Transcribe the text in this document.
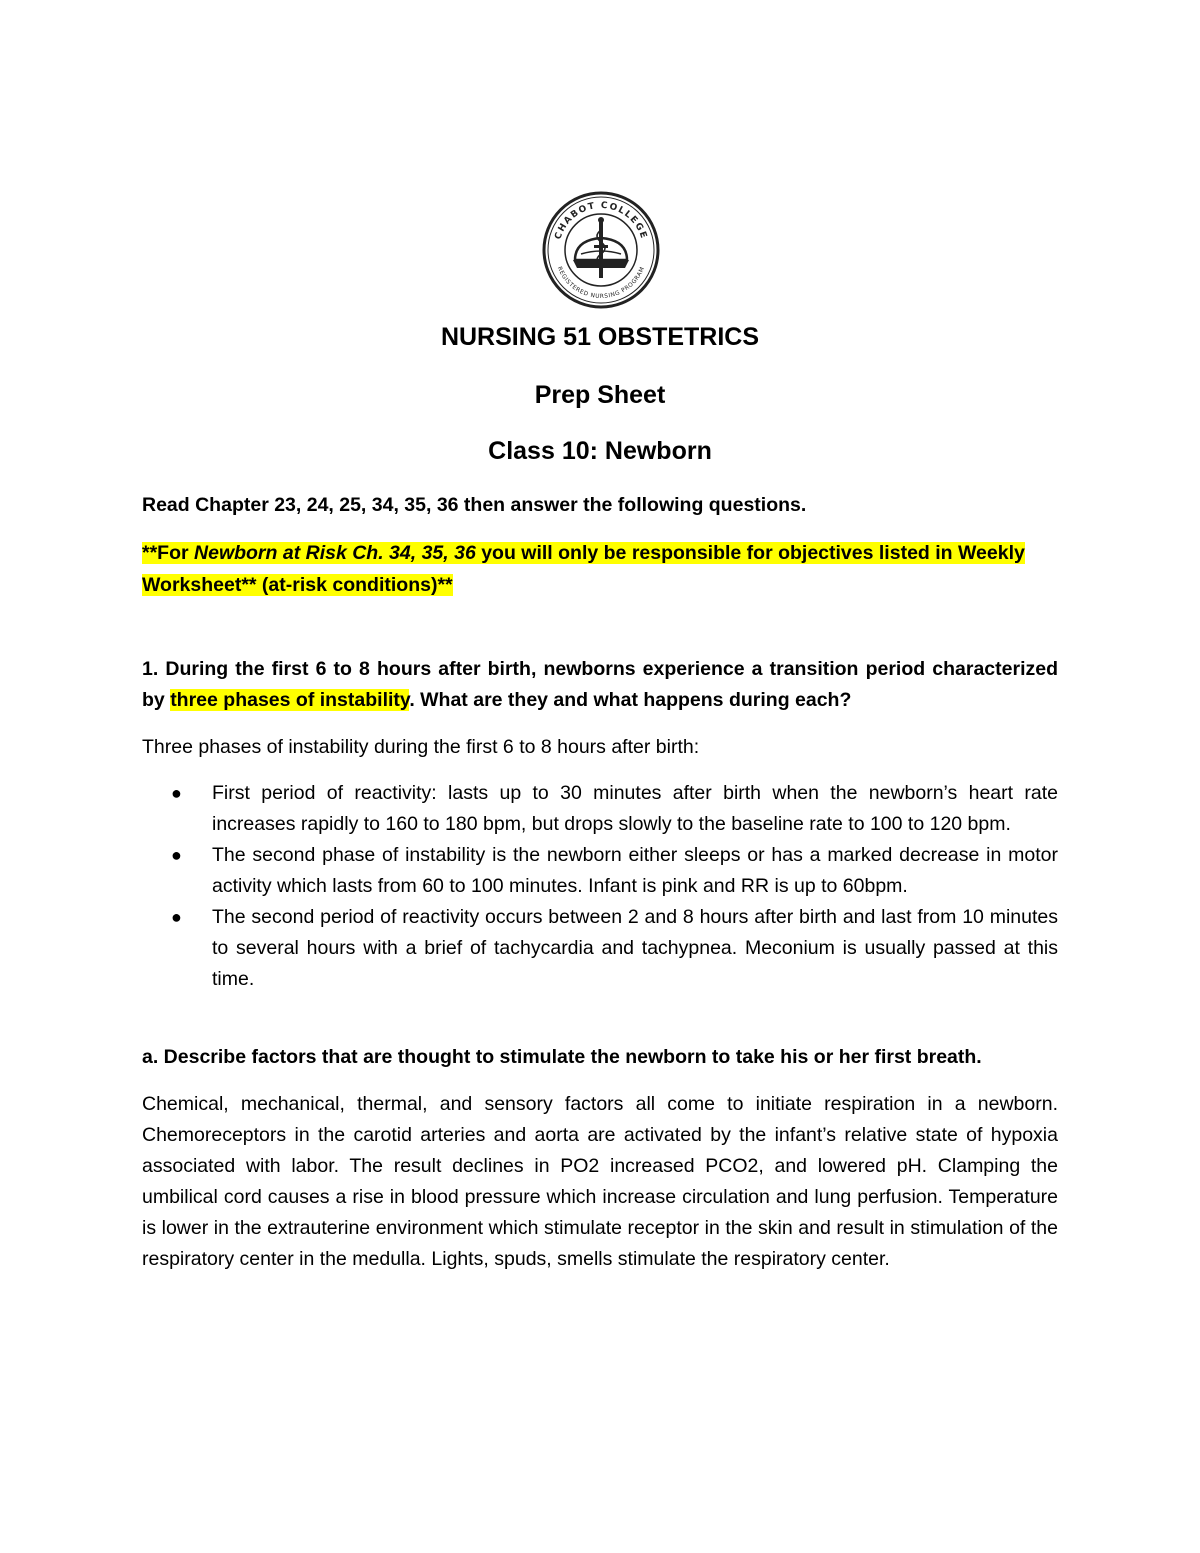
CHABOT COLLEGE
REGISTERED NURSING PROGRAM
NURSING 51 OBSTETRICS
Prep Sheet
Class 10: Newborn
Read Chapter 23, 24, 25, 34, 35, 36 then answer the following questions.
**For Newborn at Risk Ch. 34, 35, 36 you will only be responsible for objectives listed in Weekly Worksheet** (at-risk conditions)**
1. During the first 6 to 8 hours after birth, newborns experience a transition period characterized by three phases of instability. What are they and what happens during each?
Three phases of instability during the first 6 to 8 hours after birth:
● First period of reactivity: lasts up to 30 minutes after birth when the newborn’s heart rate increases rapidly to 160 to 180 bpm, but drops slowly to the baseline rate to 100 to 120 bpm.
● The second phase of instability is the newborn either sleeps or has a marked decrease in motor activity which lasts from 60 to 100 minutes. Infant is pink and RR is up to 60bpm.
● The second period of reactivity occurs between 2 and 8 hours after birth and last from 10 minutes to several hours with a brief of tachycardia and tachypnea. Meconium is usually passed at this time.
a. Describe factors that are thought to stimulate the newborn to take his or her first breath.
Chemical, mechanical, thermal, and sensory factors all come to initiate respiration in a newborn. Chemoreceptors in the carotid arteries and aorta are activated by the infant’s relative state of hypoxia associated with labor. The result declines in PO2 increased PCO2, and lowered pH. Clamping the umbilical cord causes a rise in blood pressure which increase circulation and lung perfusion. Temperature is lower in the extrauterine environment which stimulate receptor in the skin and result in stimulation of the respiratory center in the medulla. Lights, spuds, smells stimulate the respiratory center.
